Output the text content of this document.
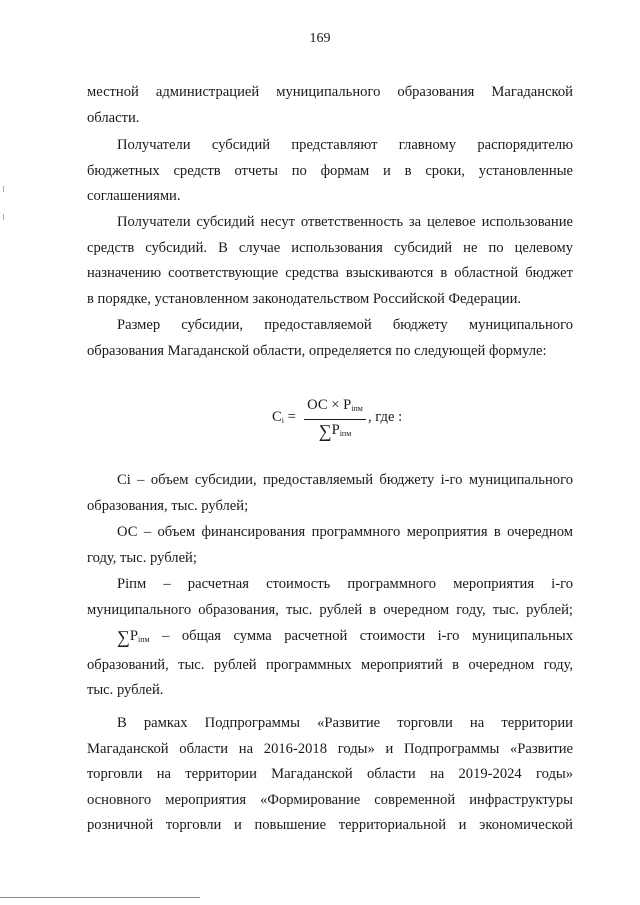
169
местной администрацией муниципального образования Магаданской
области.
Получатели субсидий представляют главному распорядителю
бюджетных средств отчеты по формам и в сроки, установленные
соглашениями.
Получатели субсидий несут ответственность за целевое использование
средств субсидий. В случае использования субсидий не по целевому
назначению соответствующие средства взыскиваются в областной бюджет
в порядке, установленном законодательством Российской Федерации.
Размер субсидии, предоставляемой бюджету муниципального
образования Магаданской области, определяется по следующей формуле:
$C_i$ =
ОС × $P_{iпм}$
$\sum P_{iпм}$
, где :
Ci – объем субсидии, предоставляемый бюджету i-го муниципального
образования, тыс. рублей;
ОС – объем финансирования программного мероприятия в очередном
году, тыс. рублей;
Piпм – расчетная стоимость программного мероприятия i-го
муниципального образования, тыс. рублей в очередном году, тыс. рублей;
$\sum P_{iпм}$ – общая сумма расчетной стоимости i-го муниципальных
образований, тыс. рублей программных мероприятий в очередном году,
тыс. рублей.
В рамках Подпрограммы «Развитие торговли на территории
Магаданской области на 2016-2018 годы» и Подпрограммы «Развитие
торговли на территории Магаданской области на 2019-2024 годы»
основного мероприятия «Формирование современной инфраструктуры
розничной торговли и повышение территориальной и экономической
